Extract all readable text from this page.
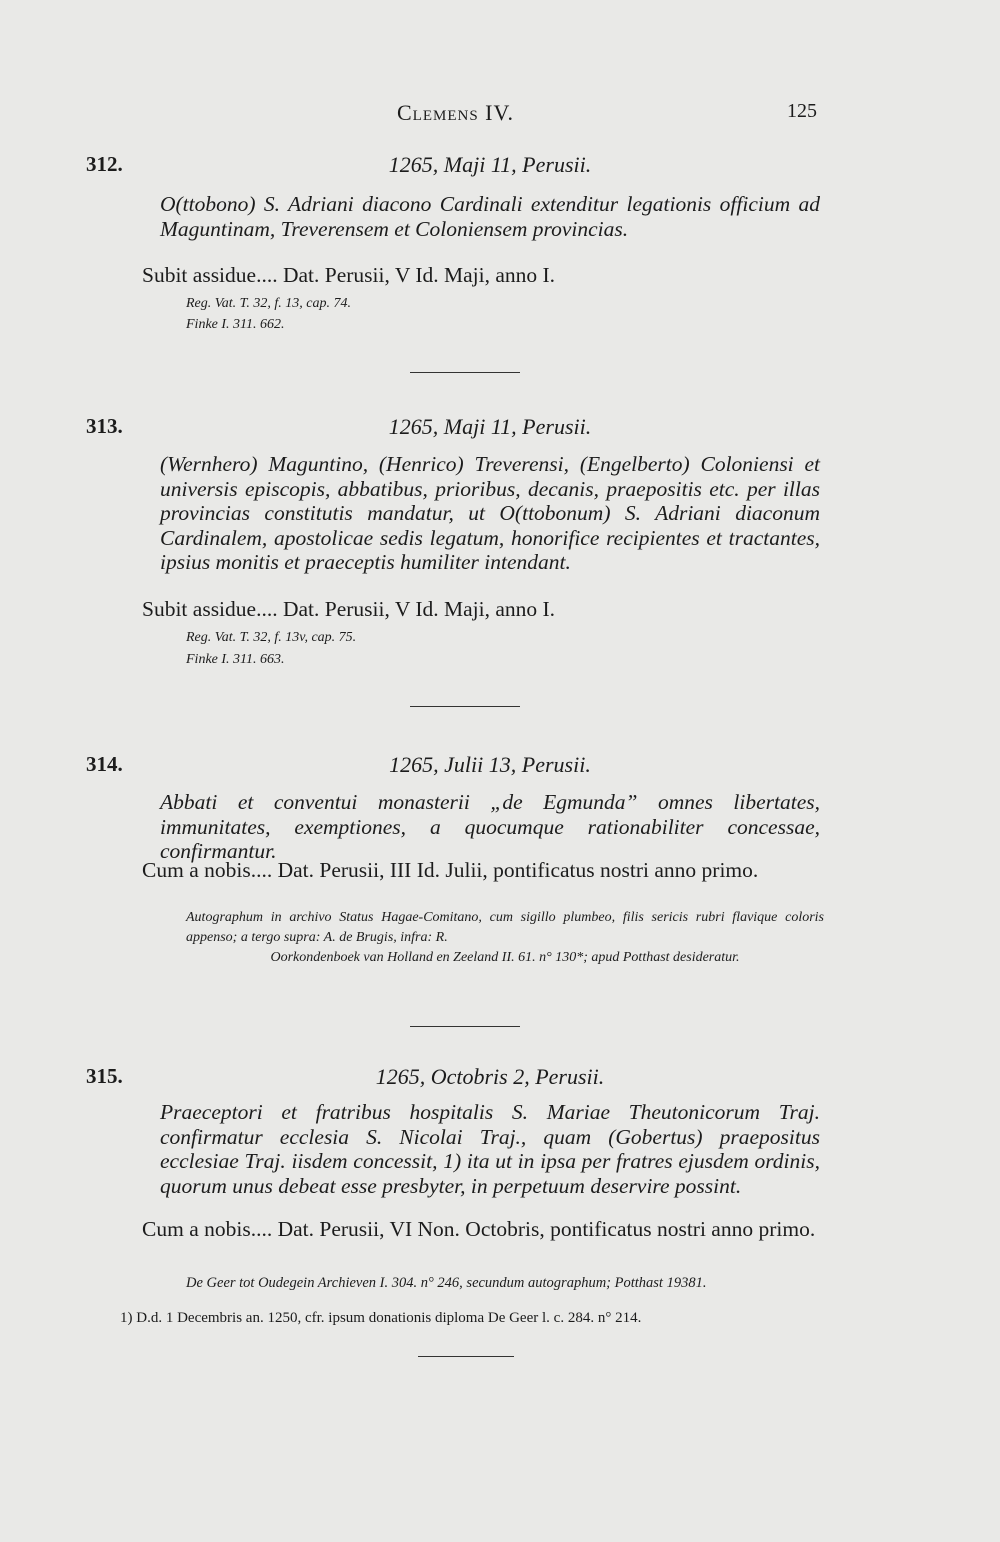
Clemens IV.	125
312.	1265, Maji 11, Perusii.
O(ttobono) S. Adriani diacono Cardinali extenditur legationis officium ad Maguntinam, Treverensem et Coloniensem provincias.
Subit assidue.... Dat. Perusii, V Id. Maji, anno I.
Reg. Vat. T. 32, f. 13, cap. 74.
Finke I. 311. 662.
313.	1265, Maji 11, Perusii.
(Wernhero) Maguntino, (Henrico) Treverensi, (Engelberto) Coloniensi et universis episcopis, abbatibus, prioribus, decanis, praepositis etc. per illas provincias constitutis mandatur, ut O(ttobonum) S. Adriani diaconum Cardinalem, apostolicae sedis legatum, honorifice recipientes et tractantes, ipsius monitis et praeceptis humiliter intendant.
Subit assidue.... Dat. Perusii, V Id. Maji, anno I.
Reg. Vat. T. 32, f. 13v, cap. 75.
Finke I. 311. 663.
314.	1265, Julii 13, Perusii.
Abbati et conventui monasterii „de Egmunda” omnes libertates, immunitates, exemptiones, a quocumque rationabiliter concessae, confirmantur.
Cum a nobis.... Dat. Perusii, III Id. Julii, pontificatus nostri anno primo.

Autographum in archivo Status Hagae-Comitano, cum sigillo plumbeo, filis sericis rubri flavique coloris appenso; a tergo supra: A. de Brugis, infra: R.

Oorkondenboek van Holland en Zeeland II. 61. n° 130*; apud Potthast desideratur.

315.	1265, Octobris 2, Perusii.
Praeceptori et fratribus hospitalis S. Mariae Theutonicorum Traj. confirmatur ecclesia S. Nicolai Traj., quam (Gobertus) praepositus ecclesiae Traj. iisdem concessit, 1) ita ut in ipsa per fratres ejusdem ordinis, quorum unus debeat esse presbyter, in perpetuum deservire possint.
Cum a nobis.... Dat. Perusii, VI Non. Octobris, pontificatus nostri anno primo.
De Geer tot Oudegein Archieven I. 304. n° 246, secundum autographum; Potthast 19381.
1) D.d. 1 Decembris an. 1250, cfr. ipsum donationis diploma De Geer l. c. 284. n° 214.
